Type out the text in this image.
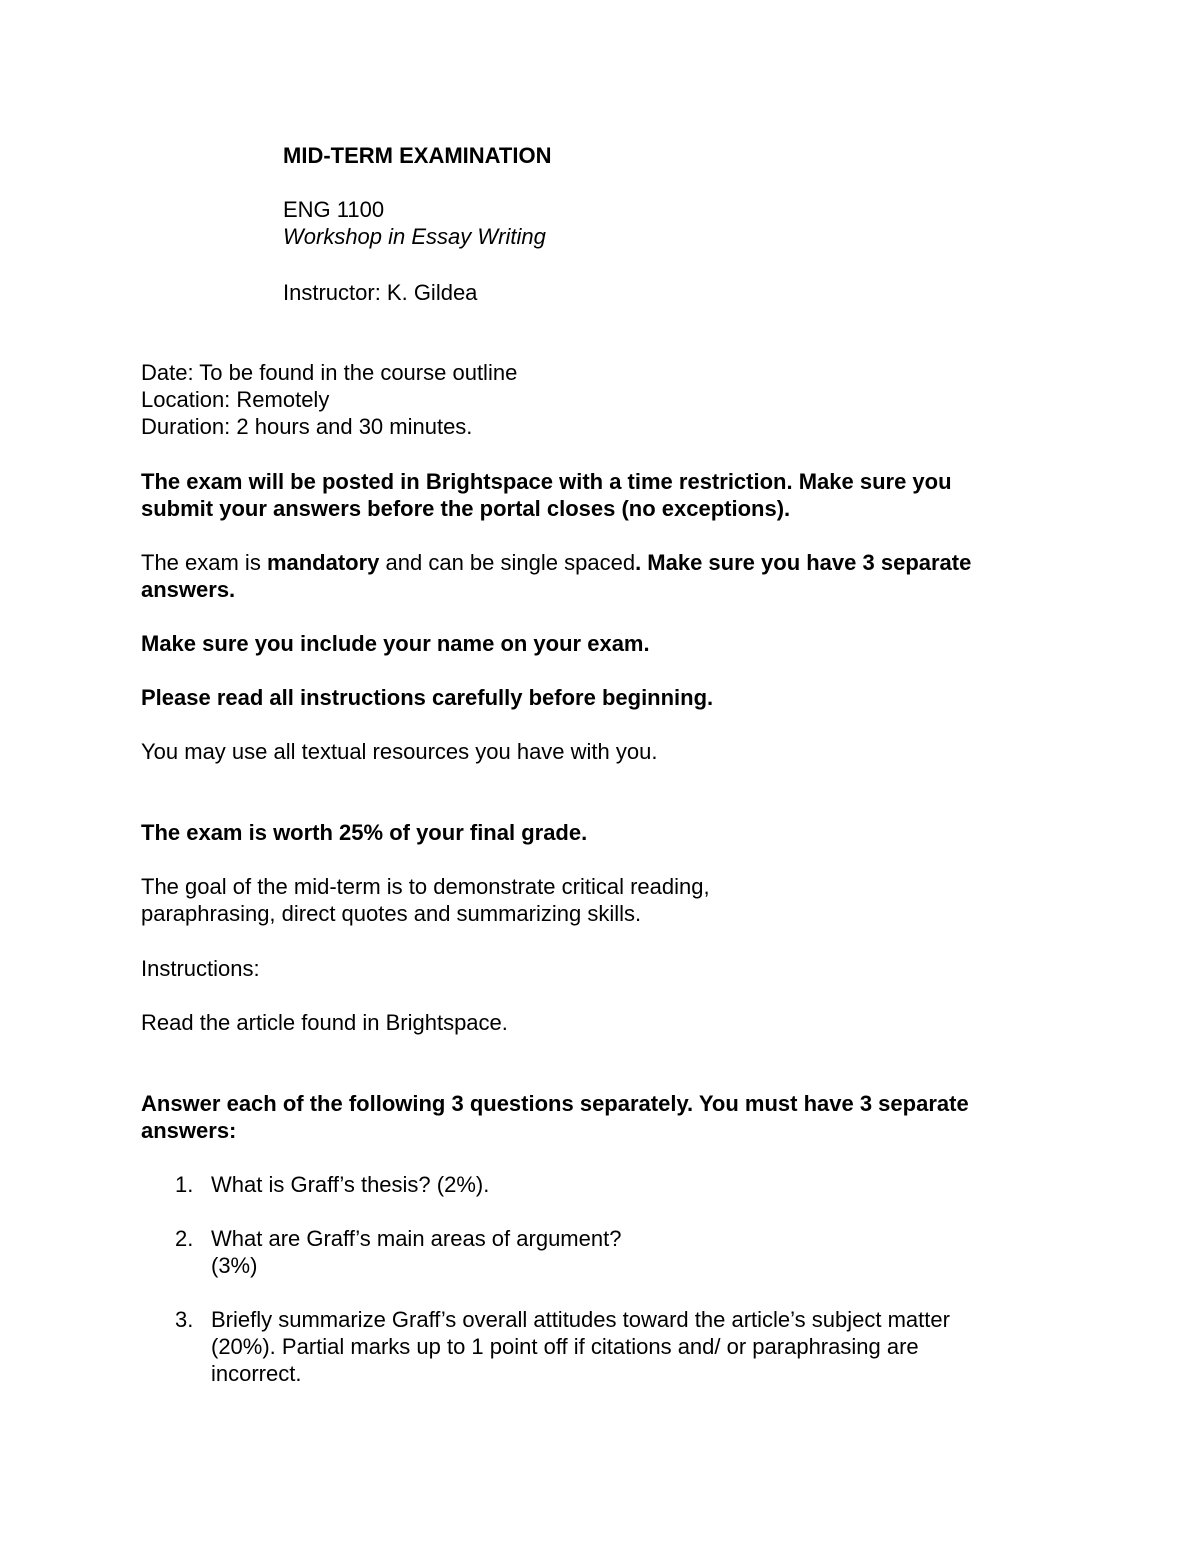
MID-TERM EXAMINATION

ENG 1100

Workshop in Essay Writing

Instructor: K. Gildea

Date: To be found in the course outline

Location: Remotely

Duration: 2 hours and 30 minutes.

The exam will be posted in Brightspace with a time restriction. Make sure you

submit your answers before the portal closes (no exceptions).

The exam is mandatory and can be single spaced. Make sure you have 3 separate

answers.

Make sure you include your name on your exam.

Please read all instructions carefully before beginning.

You may use all textual resources you have with you.

The exam is worth 25% of your final grade.

The goal of the mid-term is to demonstrate critical reading,

paraphrasing, direct quotes and summarizing skills.

Instructions:

Read the article found in Brightspace.

Answer each of the following 3 questions separately. You must have 3 separate

answers:

1. What is Graff’s thesis? (2%).
2. What are Graff’s main areas of argument?
(3%)
3. Briefly summarize Graff’s overall attitudes toward the article’s subject matter
(20%). Partial marks up to 1 point off if citations and/ or paraphrasing are
incorrect.
